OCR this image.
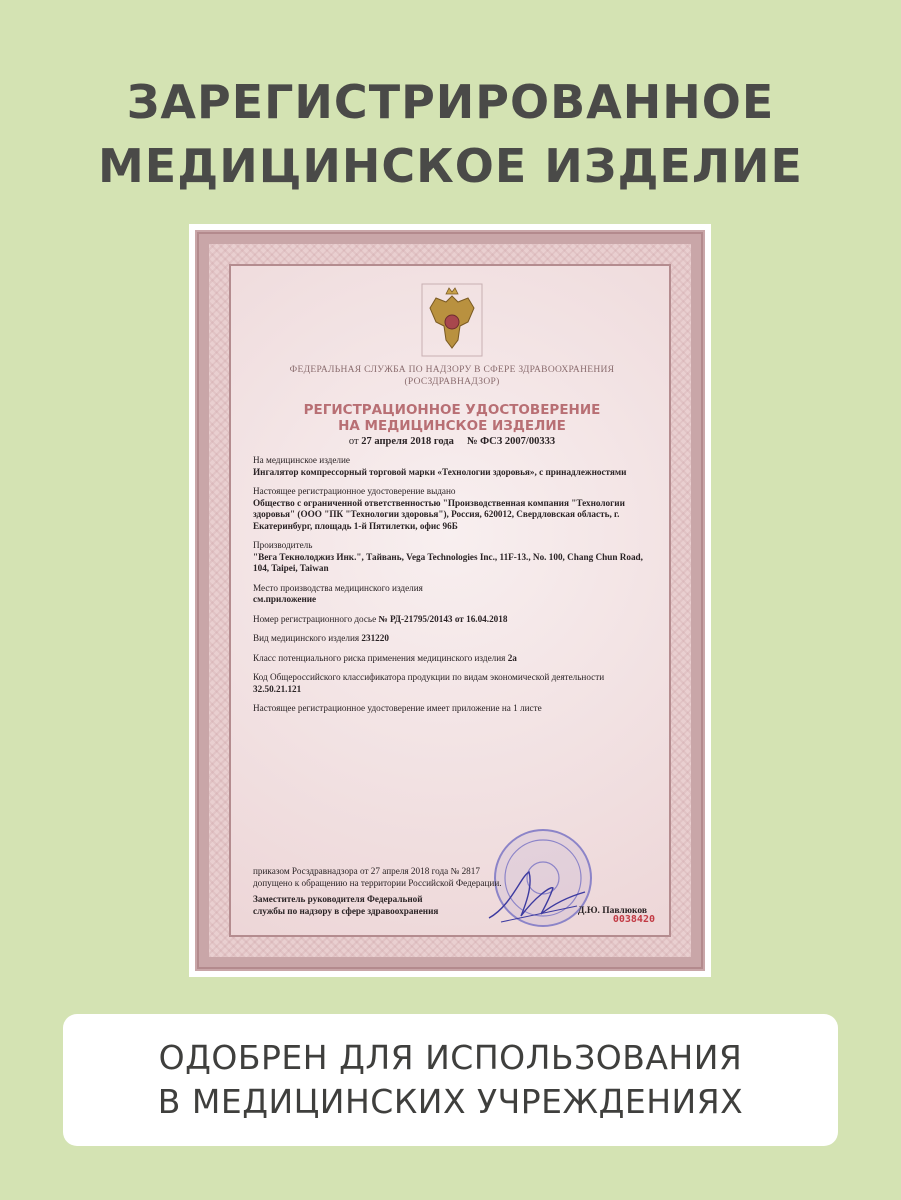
ЗАРЕГИСТРИРОВАННОЕ
МЕДИЦИНСКОЕ ИЗДЕЛИЕ
ФЕДЕРАЛЬНАЯ СЛУЖБА ПО НАДЗОРУ В СФЕРЕ ЗДРАВООХРАНЕНИЯ
(РОСЗДРАВНАДЗОР)
РЕГИСТРАЦИОННОЕ УДОСТОВЕРЕНИЕ
НА МЕДИЦИНСКОЕ ИЗДЕЛИЕ
от 27 апреля 2018 года № ФСЗ 2007/00333
На медицинское изделие
Ингалятор компрессорный торговой марки «Технологии здоровья», с принадлежностями
Настоящее регистрационное удостоверение выдано
Общество с ограниченной ответственностью "Производственная компания "Технологии здоровья" (ООО "ПК "Технологии здоровья"), Россия, 620012, Свердловская область, г. Екатеринбург, площадь 1-й Пятилетки, офис 96Б
Производитель
"Вега Текнолоджиз Инк.", Тайвань, Vega Technologies Inc., 11F-13., No. 100, Chang Chun Road, 104, Taipei, Taiwan
Место производства медицинского изделия
см.приложение
Номер регистрационного досье № РД-21795/20143 от 16.04.2018
Вид медицинского изделия 231220
Класс потенциального риска применения медицинского изделия 2а
Код Общероссийского классификатора продукции по видам экономической деятельности 32.50.21.121
Настоящее регистрационное удостоверение имеет приложение на 1 листе
приказом Росздравнадзора от 27 апреля 2018 года № 2817
допущено к обращению на территории Российской Федерации.
Заместитель руководителя Федеральной службы по надзору в сфере здравоохранения	Д.Ю. Павлюков
0038420
ОДОБРЕН ДЛЯ ИСПОЛЬЗОВАНИЯ
В МЕДИЦИНСКИХ УЧРЕЖДЕНИЯХ
